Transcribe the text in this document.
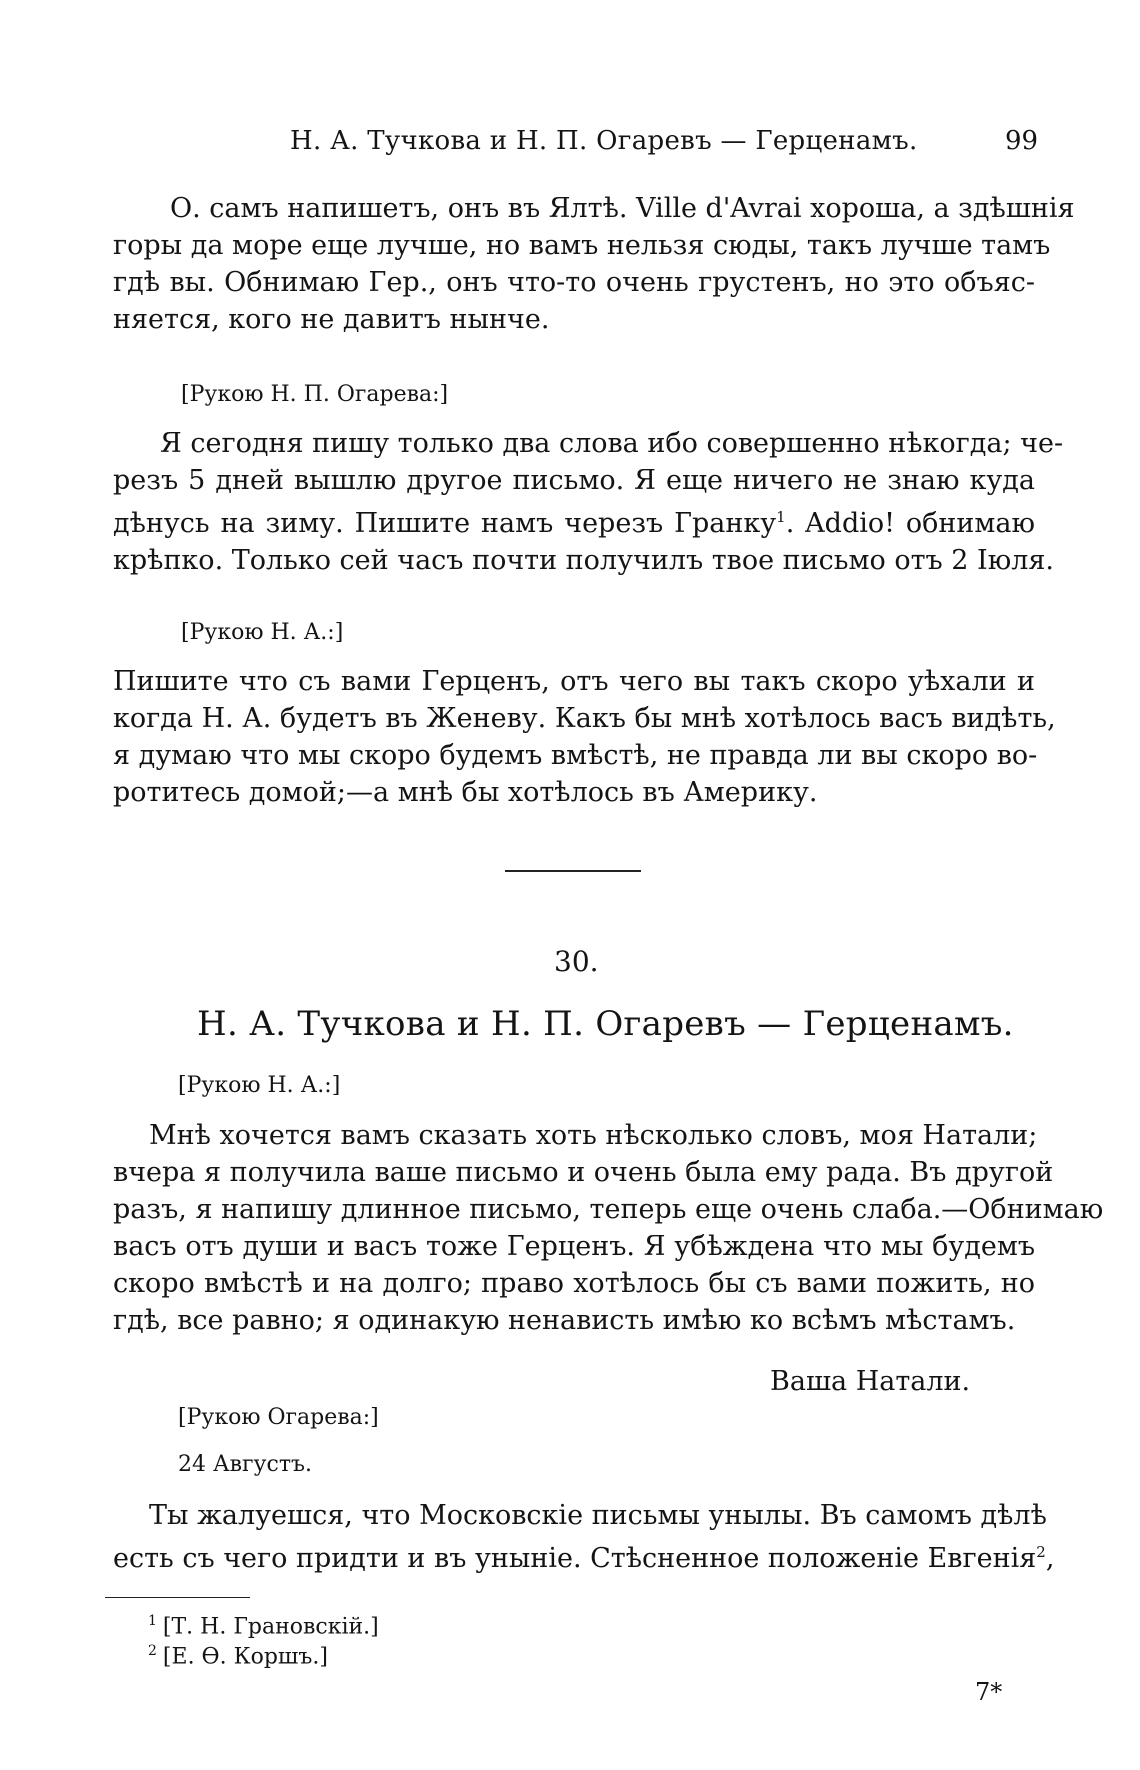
Н. А. Тучкова и Н. П. Огаревъ — Герценамъ.	99
О. самъ напишетъ, онъ въ Ялтѣ. Ville d'Avrai хороша, а здѣшнія
горы да море еще лучше, но вамъ нельзя сюды, такъ лучше тамъ
гдѣ вы. Обнимаю Гер., онъ что-то очень грустенъ, но это объяс-
няется, кого не давитъ нынче.
[Рукою Н. П. Огарева:]
Я сегодня пишу только два слова ибо совершенно нѣкогда; че-
резъ 5 дней вышлю другое письмо. Я еще ничего не знаю куда
дѣнусь на зиму. Пишите намъ черезъ Гранку$^1$. Addio! обнимаю
крѣпко. Только сей часъ почти получилъ твое письмо отъ 2 Іюля.
[Рукою Н. А.:]
Пишите что съ вами Герценъ, отъ чего вы такъ скоро уѣхали и
когда Н. А. будетъ въ Женеву. Какъ бы мнѣ хотѣлось васъ видѣть,
я думаю что мы скоро будемъ вмѣстѣ, не правда ли вы скоро во-
ротитесь домой;—а мнѣ бы хотѣлось въ Америку.
30.
Н. А. Тучкова и Н. П. Огаревъ — Герценамъ.
[Рукою Н. А.:]
Мнѣ хочется вамъ сказать хоть нѣсколько словъ, моя Натали;
вчера я получила ваше письмо и очень была ему рада. Въ другой
разъ, я напишу длинное письмо, теперь еще очень слаба.—Обнимаю
васъ отъ души и васъ тоже Герценъ. Я убѣждена что мы будемъ
скоро вмѣстѣ и на долго; право хотѣлось бы съ вами пожить, но
гдѣ, все равно; я одинакую ненависть имѣю ко всѣмъ мѣстамъ.
Ваша Натали.
[Рукою Огарева:]
24 Августъ.
Ты жалуешся, что Московскіе письмы унылы. Въ самомъ дѣлѣ
есть съ чего придти и въ уныніе. Стѣсненное положеніе Евгенія$^2$,
$^1$ [Т. Н. Грановскій.]
$^2$ [Е. Ѳ. Коршъ.]
7*
